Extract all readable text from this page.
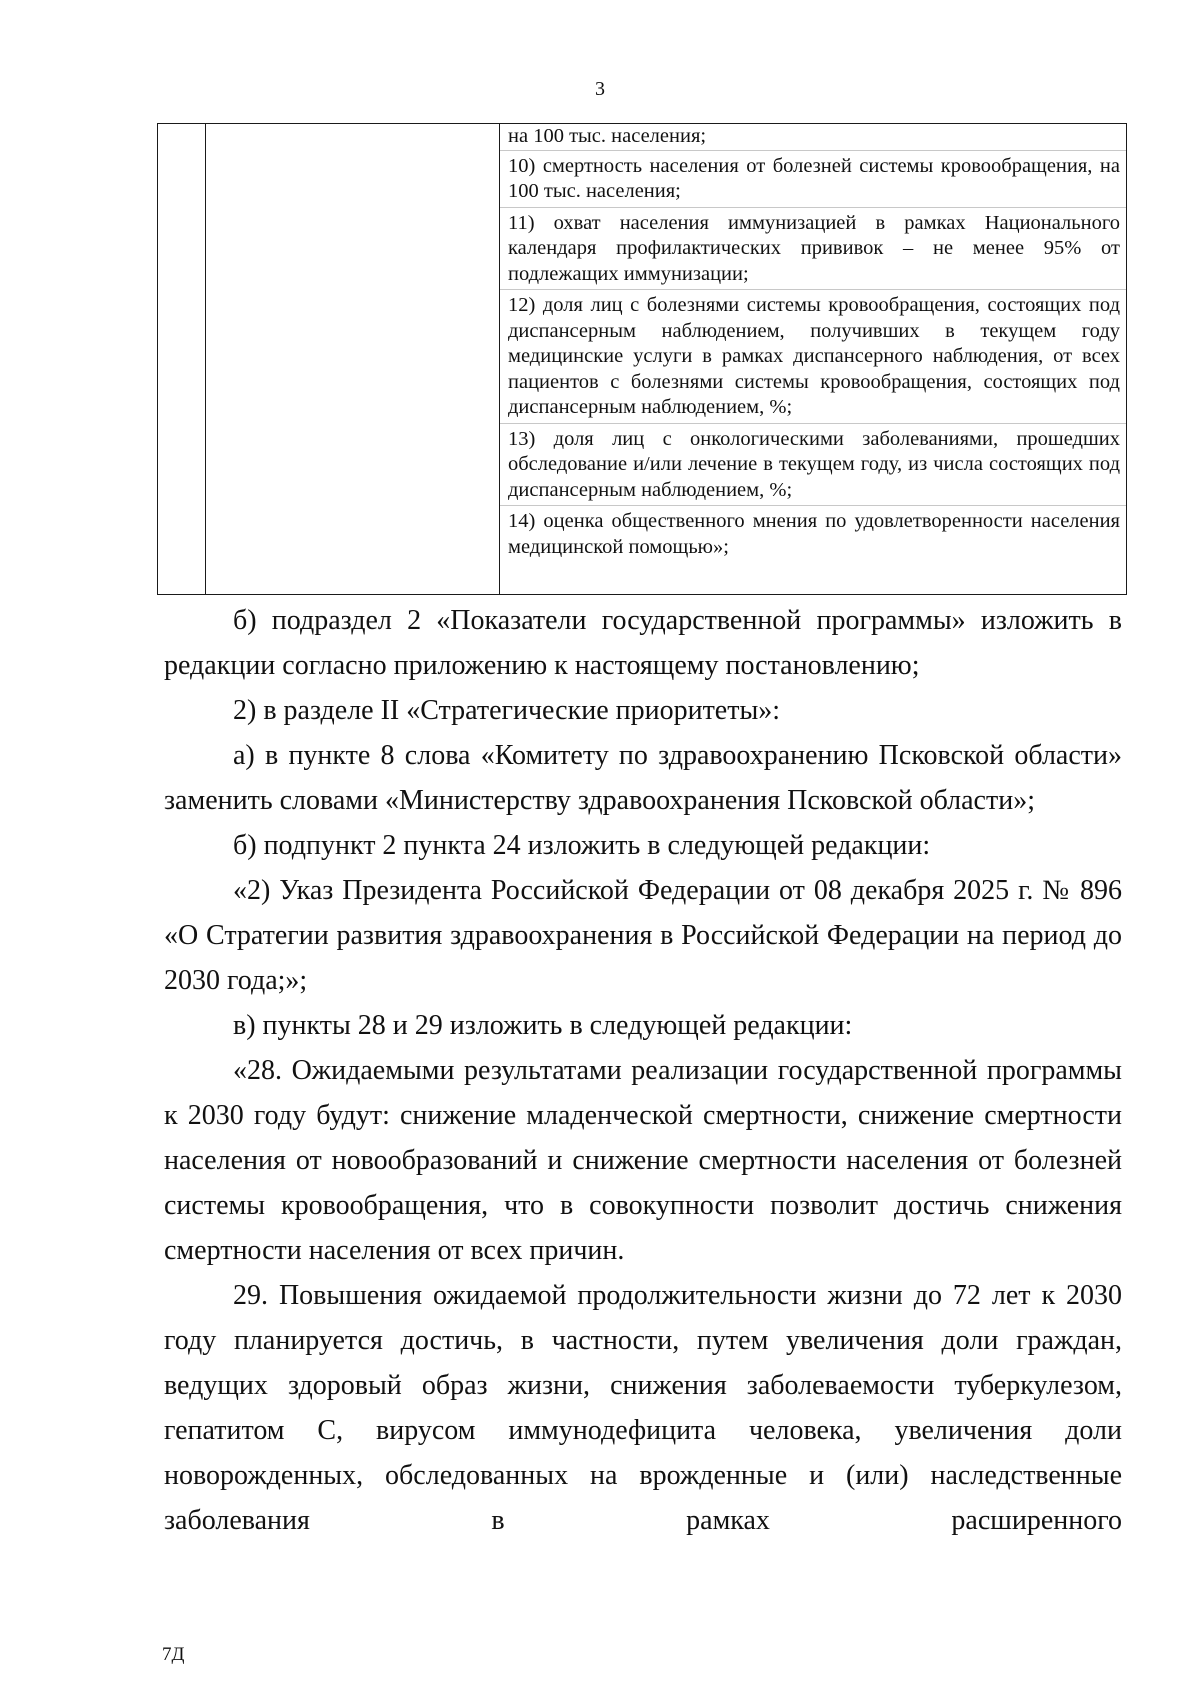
3

на 100 тыс. населения;
10) смертность населения от болезней системы кровообращения, на 100 тыс. населения;
11) охват населения иммунизацией в рамках Национального календаря профилактических прививок – не менее 95% от подлежащих иммунизации;
12) доля лиц с болезнями системы кровообращения, состоящих под диспансерным наблюдением, получивших в текущем году медицинские услуги в рамках диспансерного наблюдения, от всех пациентов с болезнями системы кровообращения, состоящих под диспансерным наблюдением, %;
13) доля лиц с онкологическими заболеваниями, прошедших обследование и/или лечение в текущем году, из числа состоящих под диспансерным наблюдением, %;
14) оценка общественного мнения по удовлетворенности населения медицинской помощью»;

б) подраздел 2 «Показатели государственной программы» изложить в редакции согласно приложению к настоящему постановлению;

2) в разделе II «Стратегические приоритеты»:

а) в пункте 8 слова «Комитету по здравоохранению Псковской области» заменить словами «Министерству здравоохранения Псковской области»;

б) подпункт 2 пункта 24 изложить в следующей редакции:

«2) Указ Президента Российской Федерации от 08 декабря 2025 г. № 896 «О Стратегии развития здравоохранения в Российской Федерации на период до 2030 года;»;

в) пункты 28 и 29 изложить в следующей редакции:

«28. Ожидаемыми результатами реализации государственной программы к 2030 году будут: снижение младенческой смертности, снижение смертности населения от новообразований и снижение смертности населения от болезней системы кровообращения, что в совокупности позволит достичь снижения смертности населения от всех причин.

29. Повышения ожидаемой продолжительности жизни до 72 лет к 2030 году планируется достичь, в частности, путем увеличения доли граждан, ведущих здоровый образ жизни, снижения заболеваемости туберкулезом, гепатитом С, вирусом иммунодефицита человека, увеличения доли новорожденных, обследованных на врожденные и (или) наследственные заболевания в рамках расширенного

7Д
